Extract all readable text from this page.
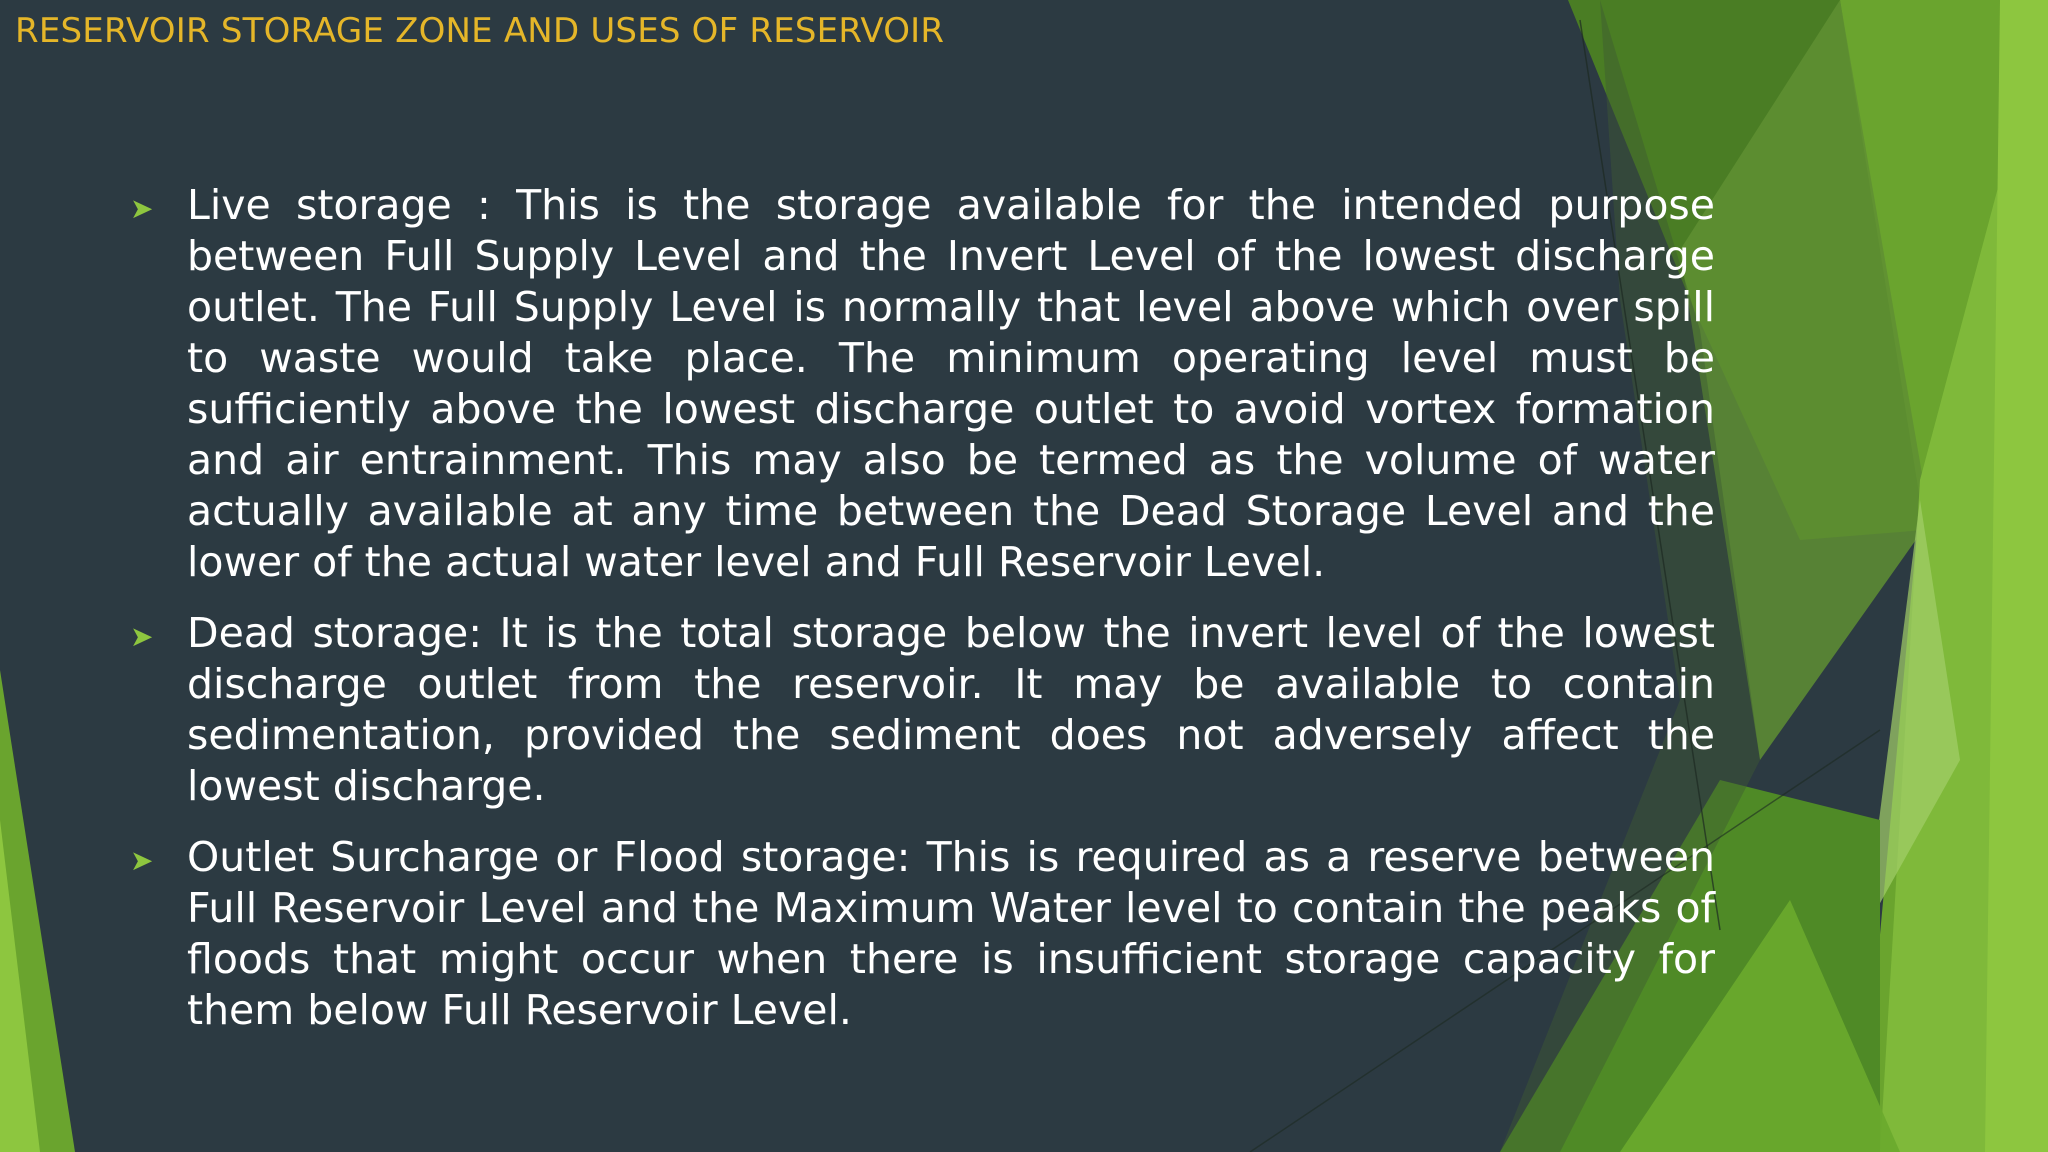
RESERVOIR STORAGE ZONE AND USES OF RESERVOIR
➤ Live storage : This is the storage available for the intended purpose between Full Supply Level and the Invert Level of the lowest discharge outlet. The Full Supply Level is normally that level above which over spill to waste would take place. The minimum operating level must be sufficiently above the lowest discharge outlet to avoid vortex formation and air entrainment. This may also be termed as the volume of water actually available at any time between the Dead Storage Level and the lower of the actual water level and Full Reservoir Level.
➤ Dead storage: It is the total storage below the invert level of the lowest discharge outlet from the reservoir. It may be available to contain sedimentation, provided the sediment does not adversely affect the lowest discharge.
➤ Outlet Surcharge or Flood storage: This is required as a reserve between Full Reservoir Level and the Maximum Water level to contain the peaks of floods that might occur when there is insufficient storage capacity for them below Full Reservoir Level.
